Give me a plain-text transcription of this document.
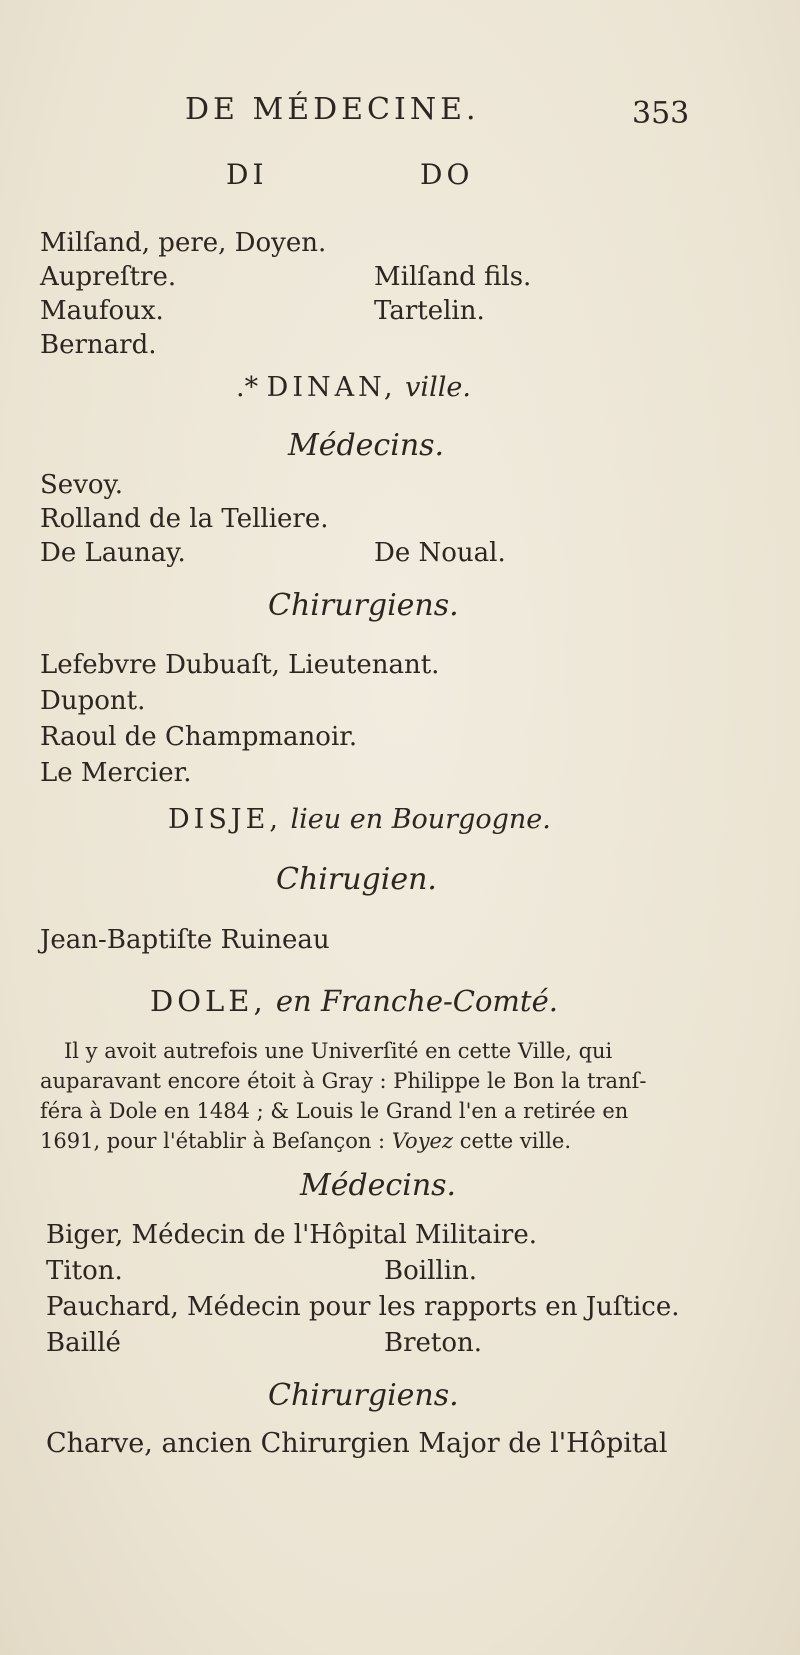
DE MÉDECINE.	353
DI	DO
Milſand, pere, Doyen.
Aupreſtre.	Milſand fils.
Maufoux.	Tartelin.
Bernard.
.* DINAN, ville.
Médecins.
Sevoy.
Rolland de la Telliere.
De Launay.	De Noual.
Chirurgiens.
Lefebvre Dubuaſt, Lieutenant.
Dupont.
Raoul de Champmanoir.
Le Mercier.
DISJE, lieu en Bourgogne.
Chirugien.
Jean-Baptiſte Ruineau
DOLE, en Franche-Comté.
Il y avoit autrefois une Univerſité en cette Ville, qui
auparavant encore étoit à Gray : Philippe le Bon la tranſ-
féra à Dole en 1484 ; & Louis le Grand l'en a retirée en
1691, pour l'établir à Beſançon : Voyez cette ville.
Médecins.
Biger, Médecin de l'Hôpital Militaire.
Titon.	Boillin.
Pauchard, Médecin pour les rapports en Juſtice.
Baillé	Breton.
Chirurgiens.
Charve, ancien Chirurgien Major de l'Hôpital
